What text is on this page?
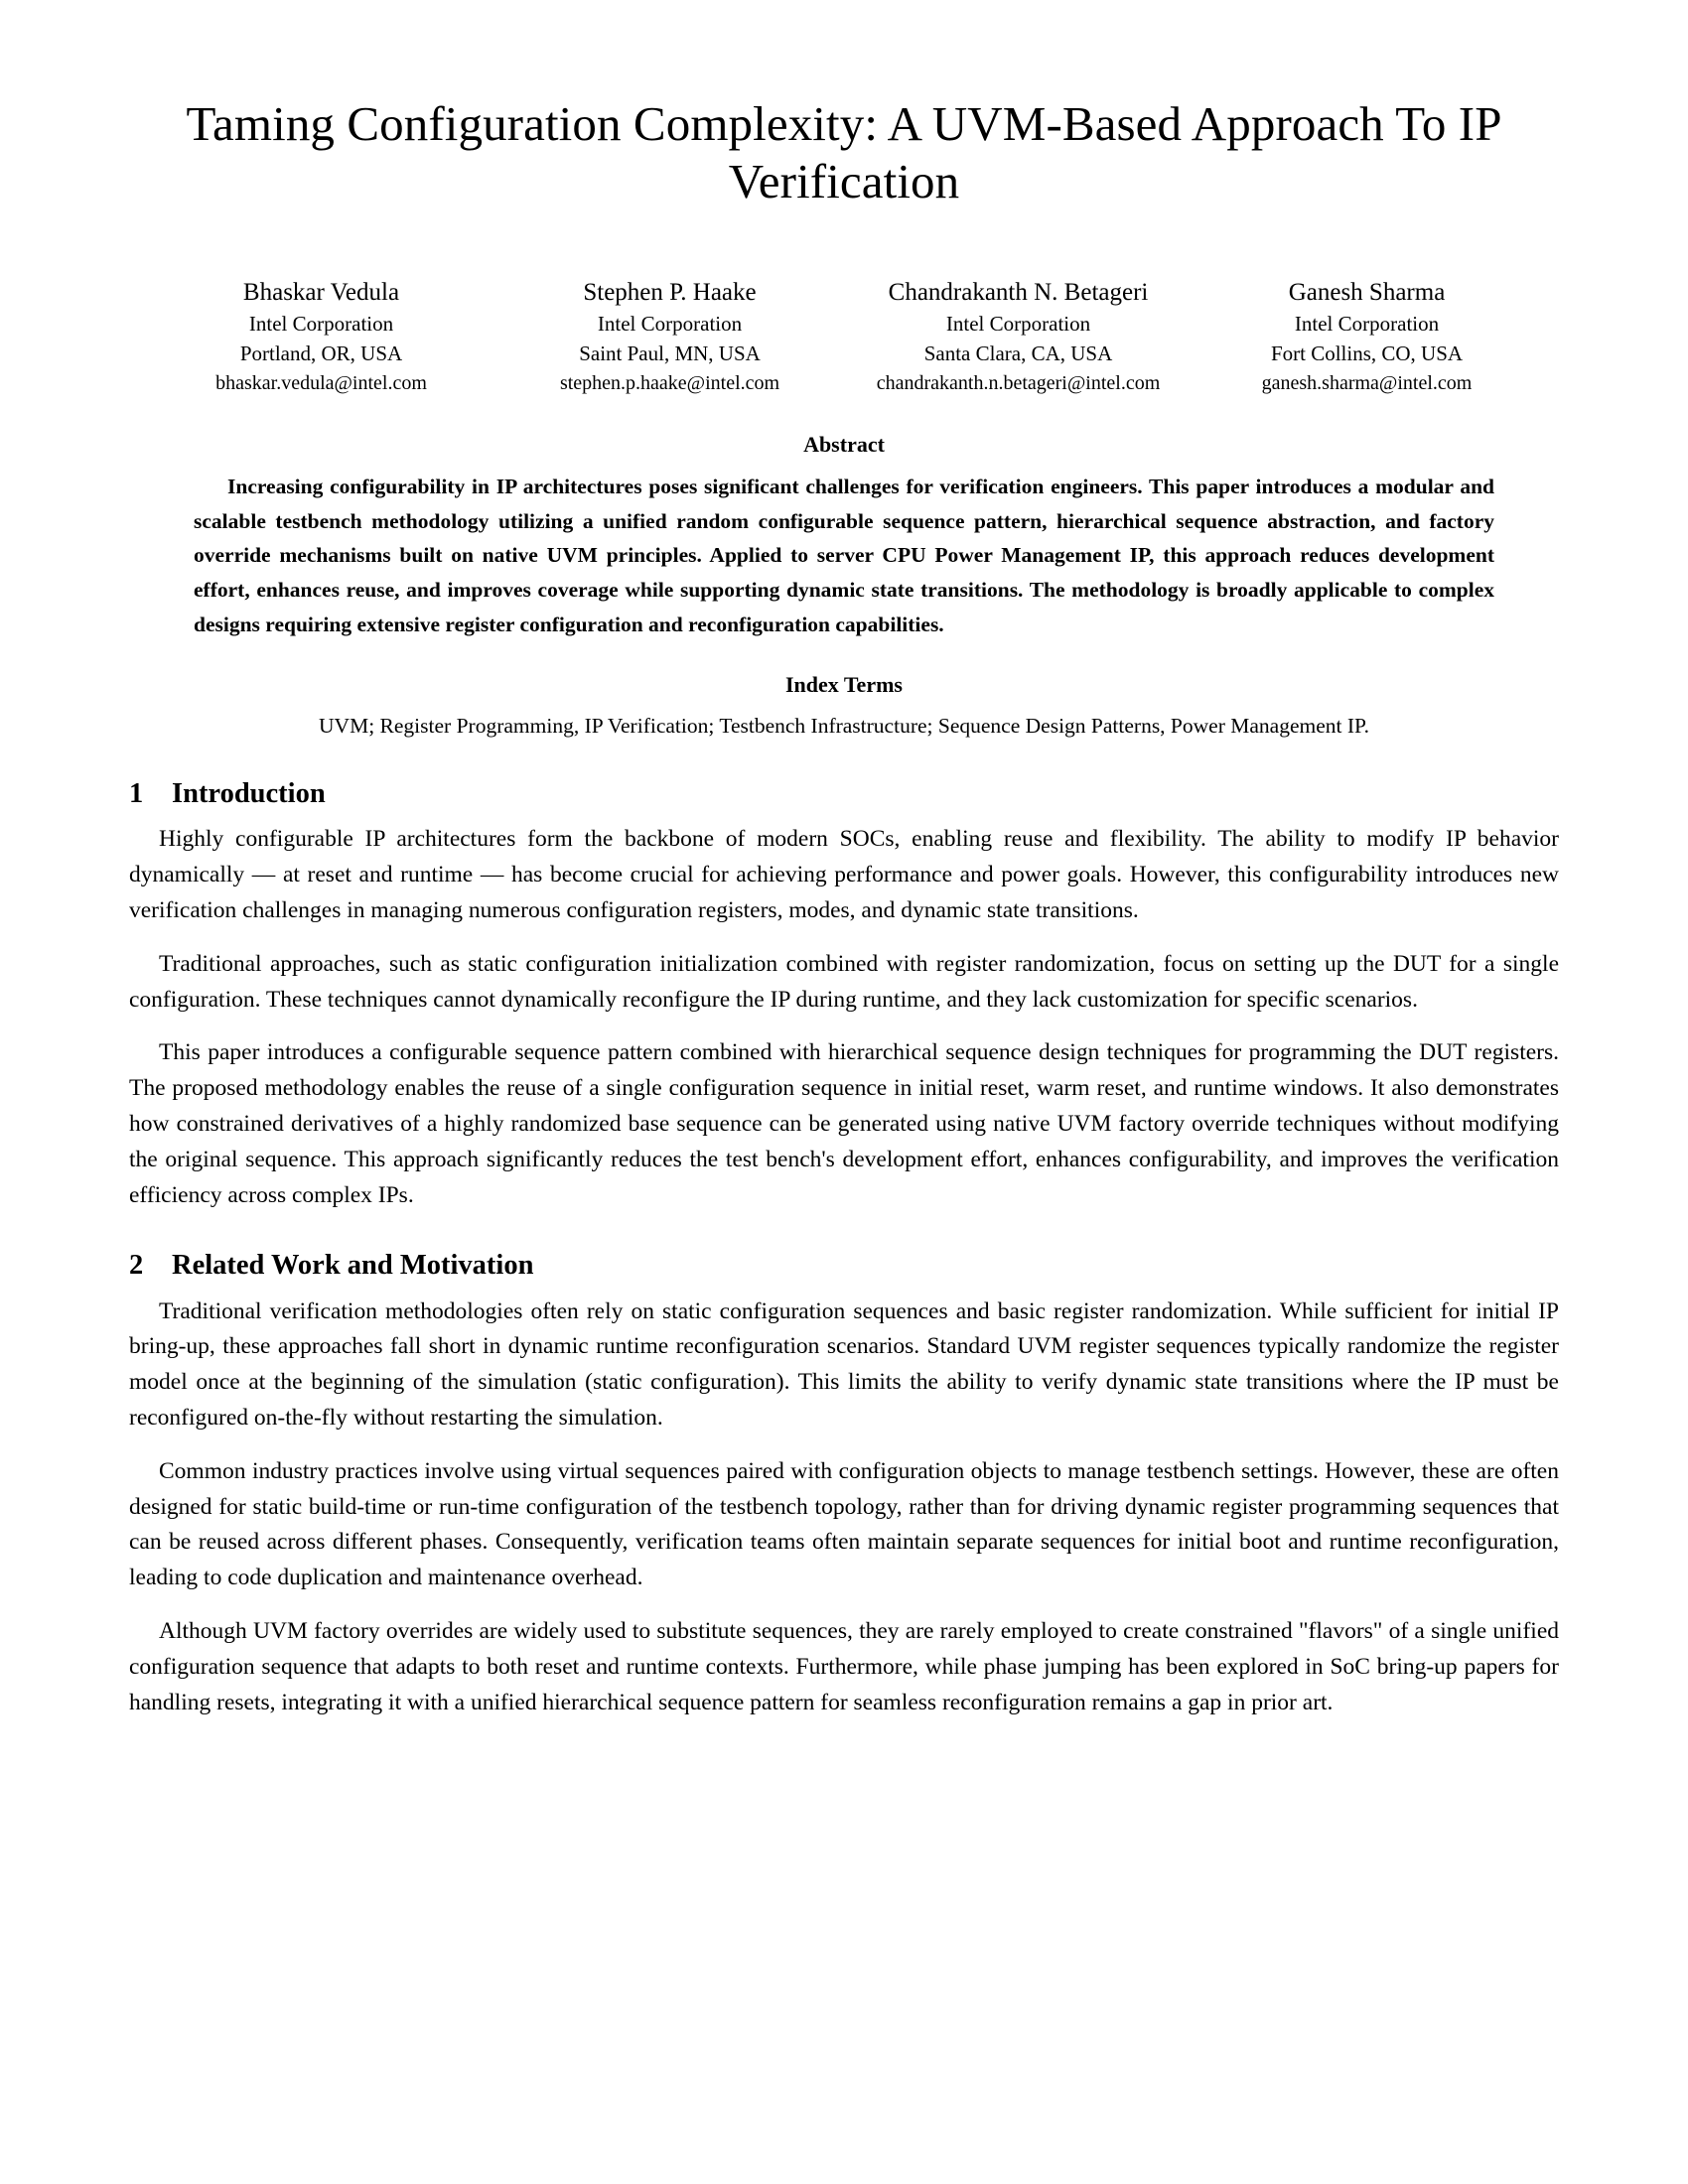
Taming Configuration Complexity: A UVM-Based Approach To IP Verification
Bhaskar Vedula
Intel Corporation
Portland, OR, USA
bhaskar.vedula@intel.com
Stephen P. Haake
Intel Corporation
Saint Paul, MN, USA
stephen.p.haake@intel.com
Chandrakanth N. Betageri
Intel Corporation
Santa Clara, CA, USA
chandrakanth.n.betageri@intel.com
Ganesh Sharma
Intel Corporation
Fort Collins, CO, USA
ganesh.sharma@intel.com
Abstract
Increasing configurability in IP architectures poses significant challenges for verification engineers. This paper introduces a modular and scalable testbench methodology utilizing a unified random configurable sequence pattern, hierarchical sequence abstraction, and factory override mechanisms built on native UVM principles. Applied to server CPU Power Management IP, this approach reduces development effort, enhances reuse, and improves coverage while supporting dynamic state transitions. The methodology is broadly applicable to complex designs requiring extensive register configuration and reconfiguration capabilities.
Index Terms
UVM; Register Programming, IP Verification; Testbench Infrastructure; Sequence Design Patterns, Power Management IP.
1 Introduction

Highly configurable IP architectures form the backbone of modern SOCs, enabling reuse and flexibility. The ability to modify IP behavior dynamically — at reset and runtime — has become crucial for achieving performance and power goals. However, this configurability introduces new verification challenges in managing numerous configuration registers, modes, and dynamic state transitions.

Traditional approaches, such as static configuration initialization combined with register randomization, focus on setting up the DUT for a single configuration. These techniques cannot dynamically reconfigure the IP during runtime, and they lack customization for specific scenarios.

This paper introduces a configurable sequence pattern combined with hierarchical sequence design techniques for programming the DUT registers. The proposed methodology enables the reuse of a single configuration sequence in initial reset, warm reset, and runtime windows. It also demonstrates how constrained derivatives of a highly randomized base sequence can be generated using native UVM factory override techniques without modifying the original sequence. This approach significantly reduces the test bench's development effort, enhances configurability, and improves the verification efficiency across complex IPs.

2 Related Work and Motivation

Traditional verification methodologies often rely on static configuration sequences and basic register randomization. While sufficient for initial IP bring-up, these approaches fall short in dynamic runtime reconfiguration scenarios. Standard UVM register sequences typically randomize the register model once at the beginning of the simulation (static configuration). This limits the ability to verify dynamic state transitions where the IP must be reconfigured on-the-fly without restarting the simulation.

Common industry practices involve using virtual sequences paired with configuration objects to manage testbench settings. However, these are often designed for static build-time or run-time configuration of the testbench topology, rather than for driving dynamic register programming sequences that can be reused across different phases. Consequently, verification teams often maintain separate sequences for initial boot and runtime reconfiguration, leading to code duplication and maintenance overhead.

Although UVM factory overrides are widely used to substitute sequences, they are rarely employed to create constrained "flavors" of a single unified configuration sequence that adapts to both reset and runtime contexts. Furthermore, while phase jumping has been explored in SoC bring-up papers for handling resets, integrating it with a unified hierarchical sequence pattern for seamless reconfiguration remains a gap in prior art.
